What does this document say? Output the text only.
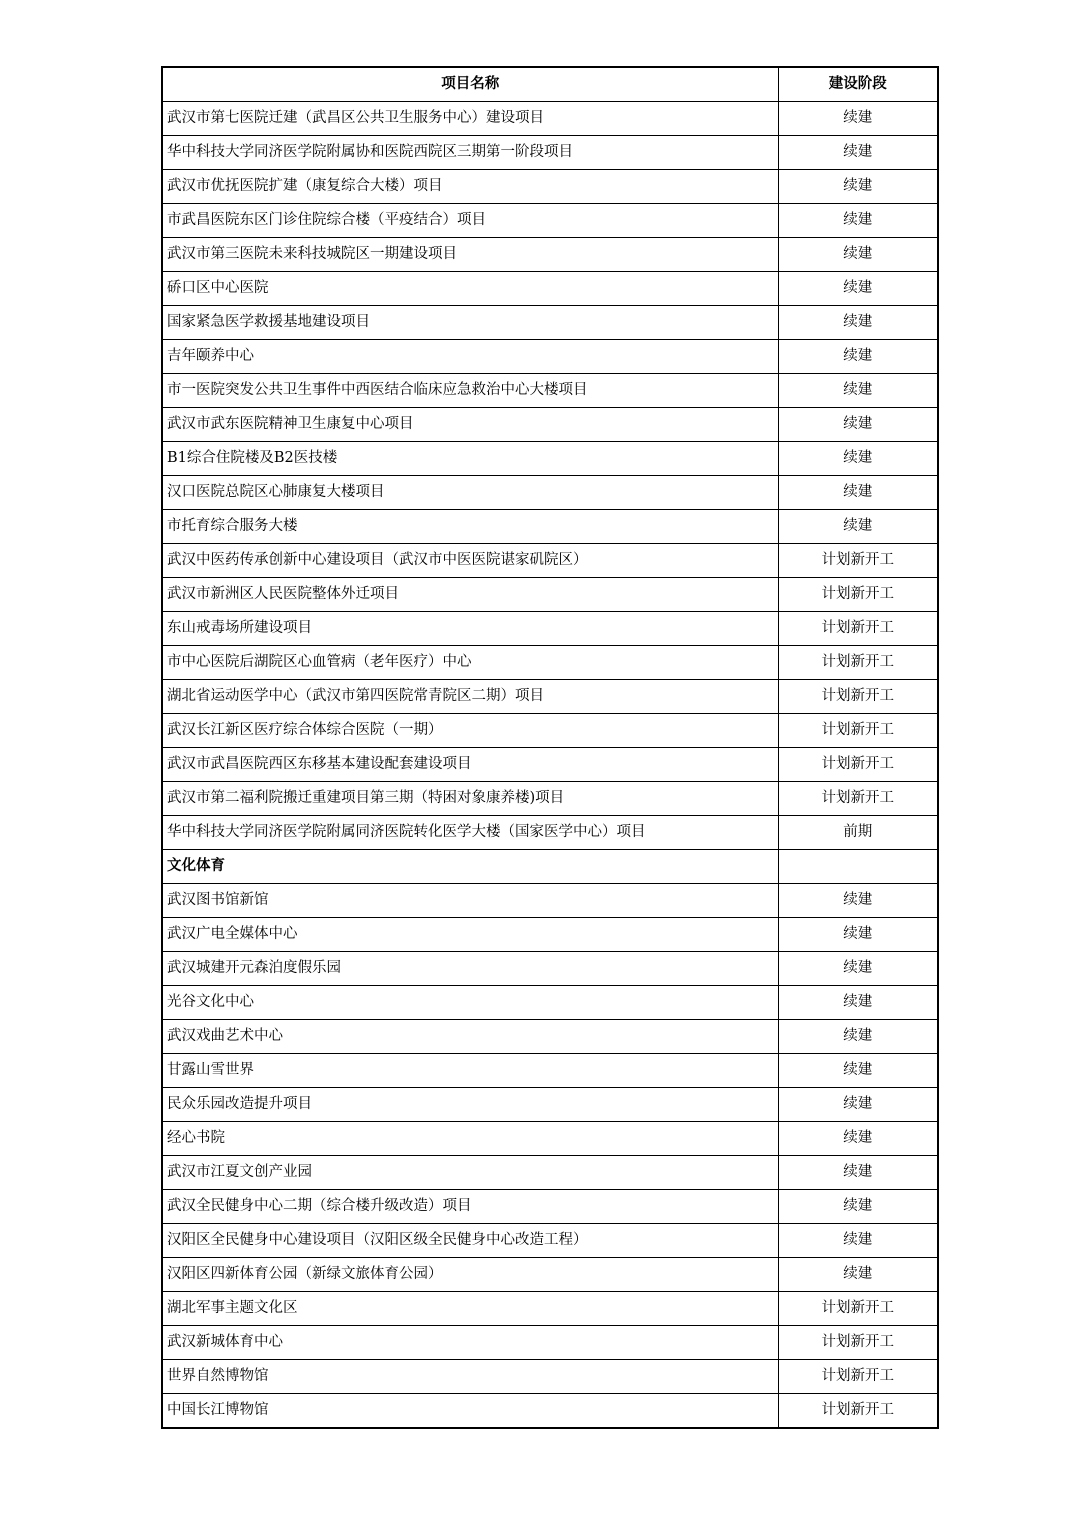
项目名称	建设阶段
武汉市第七医院迁建（武昌区公共卫生服务中心）建设项目	续建
华中科技大学同济医学院附属协和医院西院区三期第一阶段项目	续建
武汉市优抚医院扩建（康复综合大楼）项目	续建
市武昌医院东区门诊住院综合楼（平疫结合）项目	续建
武汉市第三医院未来科技城院区一期建设项目	续建
硚口区中心医院	续建
国家紧急医学救援基地建设项目	续建
吉年颐养中心	续建
市一医院突发公共卫生事件中西医结合临床应急救治中心大楼项目	续建
武汉市武东医院精神卫生康复中心项目	续建
B1综合住院楼及B2医技楼	续建
汉口医院总院区心肺康复大楼项目	续建
市托育综合服务大楼	续建
武汉中医药传承创新中心建设项目（武汉市中医医院谌家矶院区）	计划新开工
武汉市新洲区人民医院整体外迁项目	计划新开工
东山戒毒场所建设项目	计划新开工
市中心医院后湖院区心血管病（老年医疗）中心	计划新开工
湖北省运动医学中心（武汉市第四医院常青院区二期）项目	计划新开工
武汉长江新区医疗综合体综合医院（一期）	计划新开工
武汉市武昌医院西区东移基本建设配套建设项目	计划新开工
武汉市第二福利院搬迁重建项目第三期（特困对象康养楼)项目	计划新开工
华中科技大学同济医学院附属同济医院转化医学大楼（国家医学中心）项目	前期
文化体育	
武汉图书馆新馆	续建
武汉广电全媒体中心	续建
武汉城建开元森泊度假乐园	续建
光谷文化中心	续建
武汉戏曲艺术中心	续建
甘露山雪世界	续建
民众乐园改造提升项目	续建
经心书院	续建
武汉市江夏文创产业园	续建
武汉全民健身中心二期（综合楼升级改造）项目	续建
汉阳区全民健身中心建设项目（汉阳区级全民健身中心改造工程）	续建
汉阳区四新体育公园（新绿文旅体育公园）	续建
湖北军事主题文化区	计划新开工
武汉新城体育中心	计划新开工
世界自然博物馆	计划新开工
中国长江博物馆	计划新开工
